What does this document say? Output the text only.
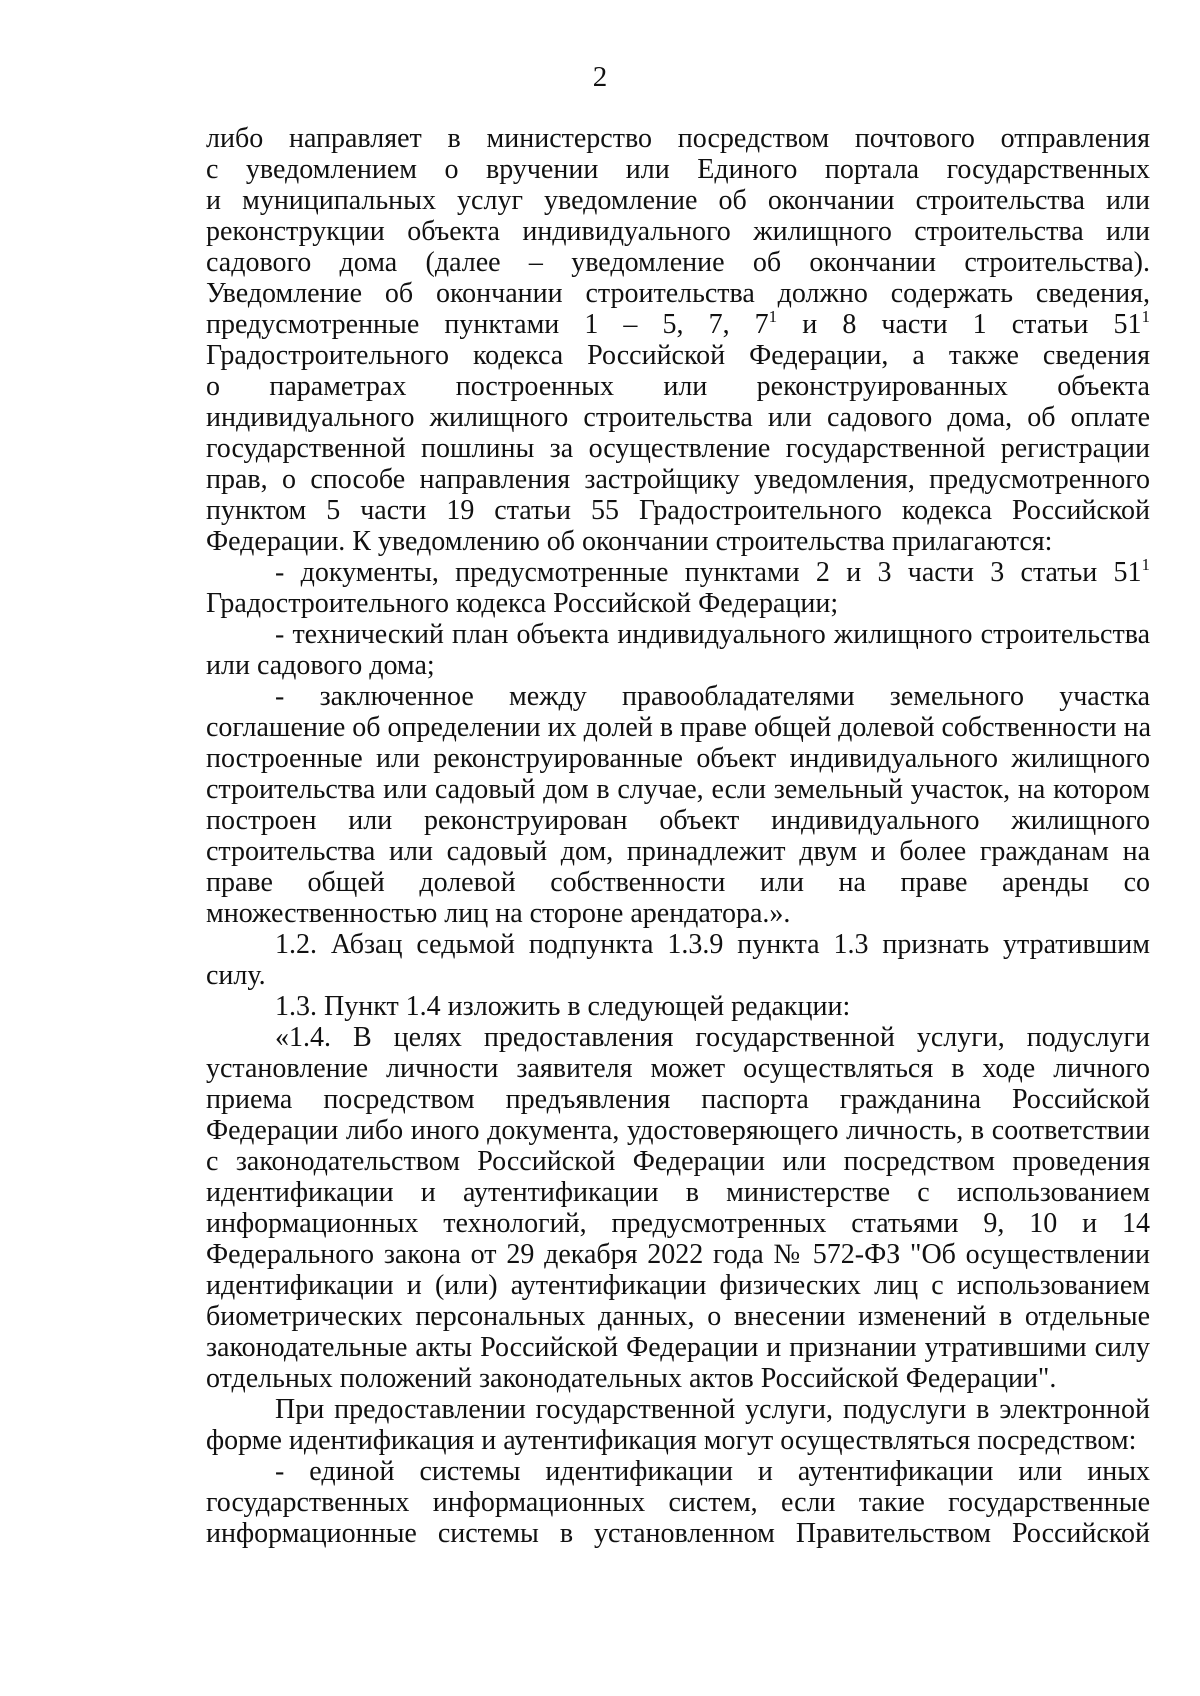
2
либо направляет в министерство посредством почтового отправления
с уведомлением о вручении или Единого портала государственных
и муниципальных услуг уведомление об окончании строительства или
реконструкции объекта индивидуального жилищного строительства или
садового дома (далее – уведомление об окончании строительства).
Уведомление об окончании строительства должно содержать сведения,
предусмотренные пунктами 1 – 5, 7, $7^1$ и 8 части 1 статьи $51^1$
Градостроительного кодекса Российской Федерации, а также сведения
о параметрах построенных или реконструированных объекта
индивидуального жилищного строительства или садового дома, об оплате
государственной пошлины за осуществление государственной регистрации
прав, о способе направления застройщику уведомления, предусмотренного
пунктом 5 части 19 статьи 55 Градостроительного кодекса Российской
Федерации. К уведомлению об окончании строительства прилагаются:
- документы, предусмотренные пунктами 2 и 3 части 3 статьи $51^1$
Градостроительного кодекса Российской Федерации;
- технический план объекта индивидуального жилищного строительства
или садового дома;
- заключенное между правообладателями земельного участка
соглашение об определении их долей в праве общей долевой собственности на
построенные или реконструированные объект индивидуального жилищного
строительства или садовый дом в случае, если земельный участок, на котором
построен или реконструирован объект индивидуального жилищного
строительства или садовый дом, принадлежит двум и более гражданам на
праве общей долевой собственности или на праве аренды со
множественностью лиц на стороне арендатора.».
1.2. Абзац седьмой подпункта 1.3.9 пункта 1.3 признать утратившим
силу.
1.3. Пункт 1.4 изложить в следующей редакции:
«1.4. В целях предоставления государственной услуги, подуслуги
установление личности заявителя может осуществляться в ходе личного
приема посредством предъявления паспорта гражданина Российской
Федерации либо иного документа, удостоверяющего личность, в соответствии
с законодательством Российской Федерации или посредством проведения
идентификации и аутентификации в министерстве с использованием
информационных технологий, предусмотренных статьями 9, 10 и 14
Федерального закона от 29 декабря 2022 года № 572-ФЗ "Об осуществлении
идентификации и (или) аутентификации физических лиц с использованием
биометрических персональных данных, о внесении изменений в отдельные
законодательные акты Российской Федерации и признании утратившими силу
отдельных положений законодательных актов Российской Федерации".
При предоставлении государственной услуги, подуслуги в электронной
форме идентификация и аутентификация могут осуществляться посредством:
- единой системы идентификации и аутентификации или иных
государственных информационных систем, если такие государственные
информационные системы в установленном Правительством Российской
